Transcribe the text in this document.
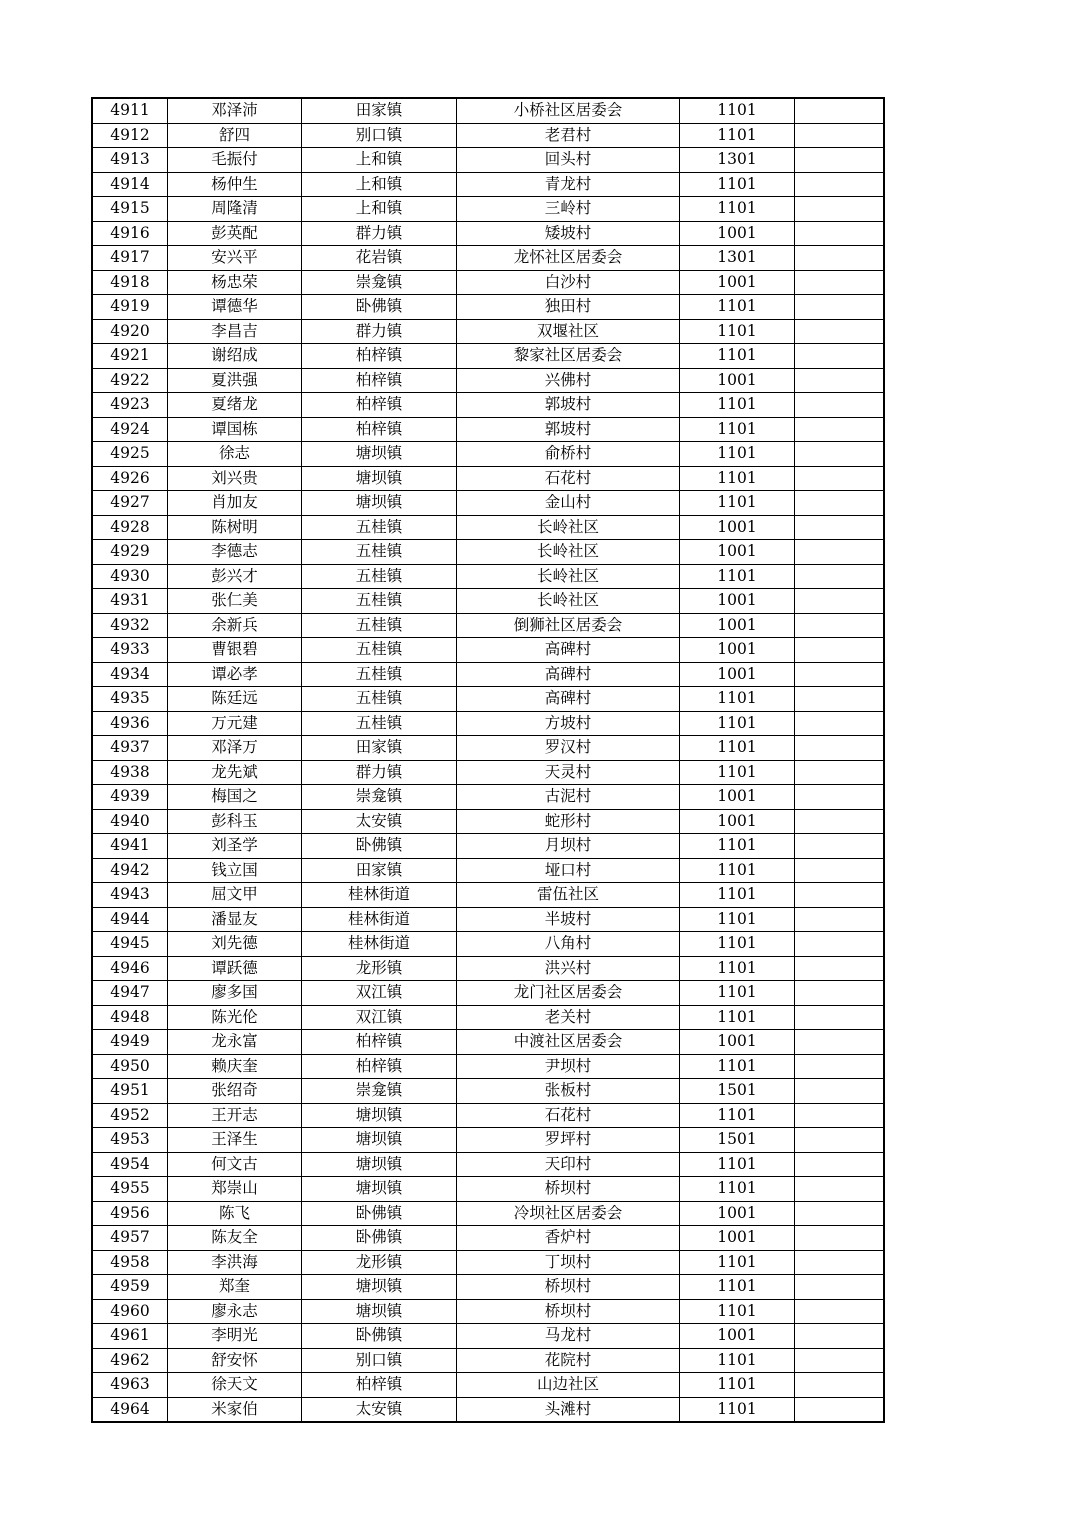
4911	邓泽沛	田家镇	小桥社区居委会	1101	
4912	舒四	别口镇	老君村	1101	
4913	毛振付	上和镇	回头村	1301	
4914	杨仲生	上和镇	青龙村	1101	
4915	周隆清	上和镇	三岭村	1101	
4916	彭英配	群力镇	矮坡村	1001	
4917	安兴平	花岩镇	龙怀社区居委会	1301	
4918	杨忠荣	崇龛镇	白沙村	1001	
4919	谭德华	卧佛镇	独田村	1101	
4920	李昌吉	群力镇	双堰社区	1101	
4921	谢绍成	柏梓镇	黎家社区居委会	1101	
4922	夏洪强	柏梓镇	兴佛村	1001	
4923	夏绪龙	柏梓镇	郭坡村	1101	
4924	谭国栋	柏梓镇	郭坡村	1101	
4925	徐志	塘坝镇	俞桥村	1101	
4926	刘兴贵	塘坝镇	石花村	1101	
4927	肖加友	塘坝镇	金山村	1101	
4928	陈树明	五桂镇	长岭社区	1001	
4929	李德志	五桂镇	长岭社区	1001	
4930	彭兴才	五桂镇	长岭社区	1101	
4931	张仁美	五桂镇	长岭社区	1001	
4932	余新兵	五桂镇	倒狮社区居委会	1001	
4933	曹银碧	五桂镇	高碑村	1001	
4934	谭必孝	五桂镇	高碑村	1001	
4935	陈廷远	五桂镇	高碑村	1101	
4936	万元建	五桂镇	方坡村	1101	
4937	邓泽万	田家镇	罗汉村	1101	
4938	龙先斌	群力镇	天灵村	1101	
4939	梅国之	崇龛镇	古泥村	1001	
4940	彭科玉	太安镇	蛇形村	1001	
4941	刘圣学	卧佛镇	月坝村	1101	
4942	钱立国	田家镇	垭口村	1101	
4943	屈文甲	桂林街道	雷伍社区	1101	
4944	潘显友	桂林街道	半坡村	1101	
4945	刘先德	桂林街道	八角村	1101	
4946	谭跃德	龙形镇	洪兴村	1101	
4947	廖多国	双江镇	龙门社区居委会	1101	
4948	陈光伦	双江镇	老关村	1101	
4949	龙永富	柏梓镇	中渡社区居委会	1001	
4950	赖庆奎	柏梓镇	尹坝村	1101	
4951	张绍奇	崇龛镇	张板村	1501	
4952	王开志	塘坝镇	石花村	1101	
4953	王泽生	塘坝镇	罗坪村	1501	
4954	何文古	塘坝镇	天印村	1101	
4955	郑崇山	塘坝镇	桥坝村	1101	
4956	陈飞	卧佛镇	冷坝社区居委会	1001	
4957	陈友全	卧佛镇	香炉村	1001	
4958	李洪海	龙形镇	丁坝村	1101	
4959	郑奎	塘坝镇	桥坝村	1101	
4960	廖永志	塘坝镇	桥坝村	1101	
4961	李明光	卧佛镇	马龙村	1001	
4962	舒安怀	别口镇	花院村	1101	
4963	徐天文	柏梓镇	山边社区	1101	
4964	米家伯	太安镇	头滩村	1101	
